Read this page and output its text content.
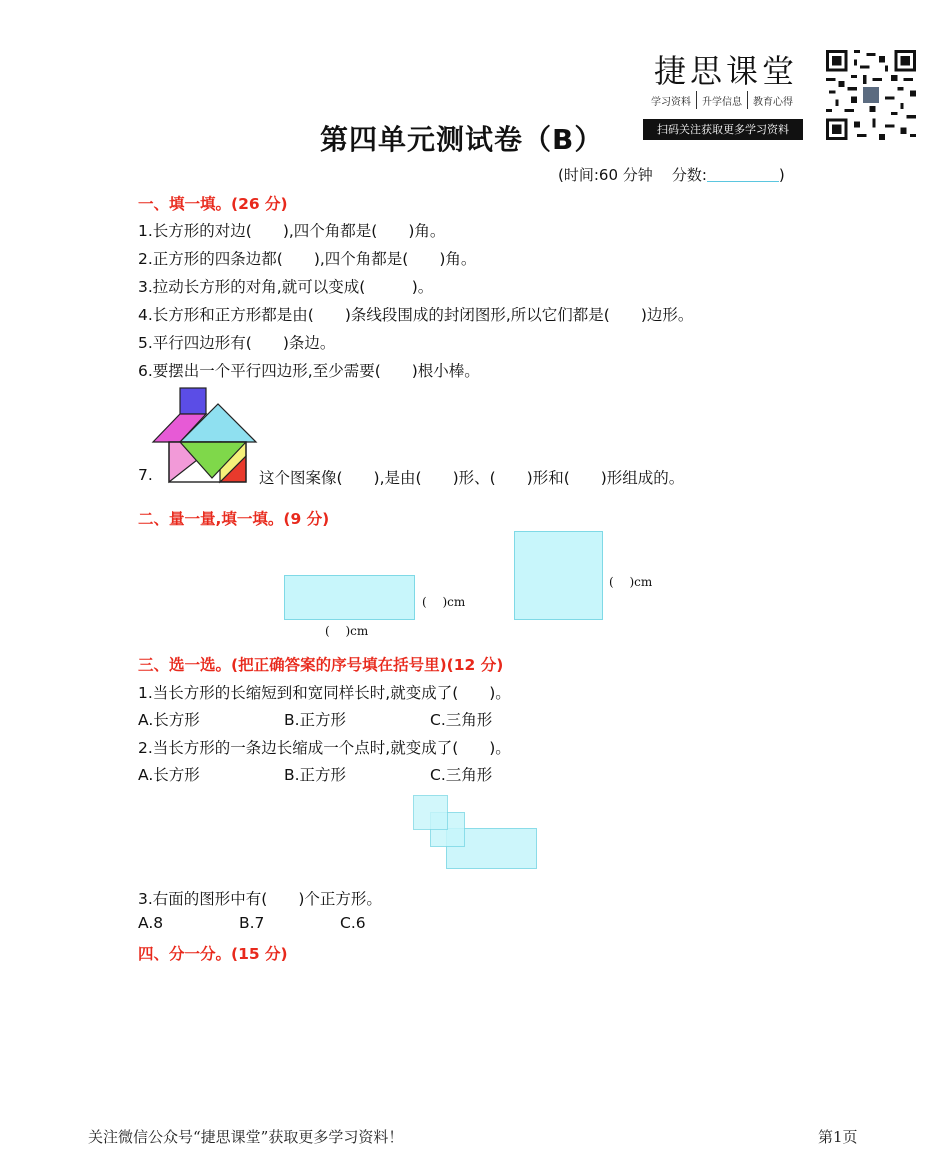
捷思课堂
学习资料 升学信息 教育心得
扫码关注获取更多学习资料
第四单元测试卷（B）
(时间:60 分钟 分数:	)
一、填一填。(26 分)
1.长方形的对边(　　),四个角都是(　　)角。
2.正方形的四条边都(　　),四个角都是(　　)角。
3.拉动长方形的对角,就可以变成(　　　)。
4.长方形和正方形都是由(　　)条线段围成的封闭图形,所以它们都是(　　)边形。
5.平行四边形有(　　)条边。
6.要摆出一个平行四边形,至少需要(　　)根小棒。
7.	这个图案像(　　),是由(　　)形、(　　)形和(　　)形组成的。
二、量一量,填一填。(9 分)
(　 )cm
(　 )cm
(　 )cm
三、选一选。(把正确答案的序号填在括号里)(12 分)
1.当长方形的长缩短到和宽同样长时,就变成了(　　)。
A.长方形	B.正方形	C.三角形
2.当长方形的一条边长缩成一个点时,就变成了(　　)。
A.长方形	B.正方形	C.三角形
3.右面的图形中有(　　)个正方形。
A.8	B.7	C.6
四、分一分。(15 分)
关注微信公众号“捷思课堂”获取更多学习资料！	第1页
